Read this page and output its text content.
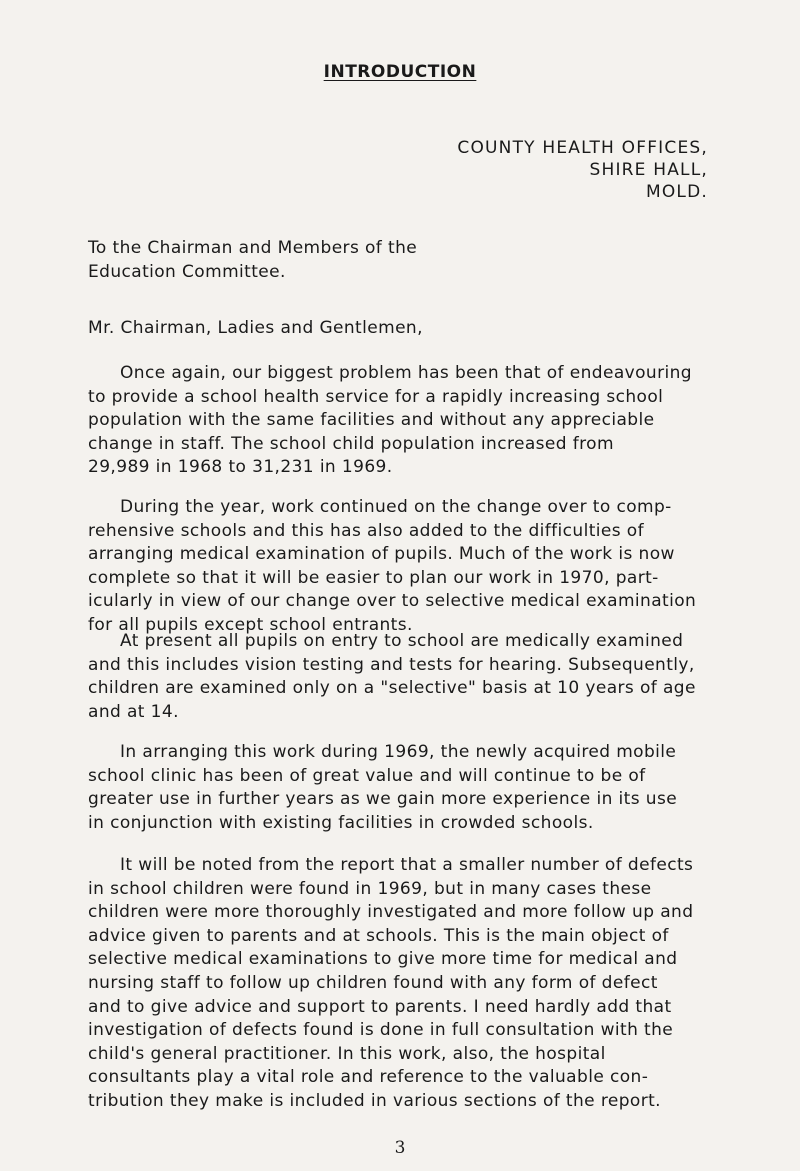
INTRODUCTION
COUNTY HEALTH OFFICES,
SHIRE HALL,
MOLD.
To the Chairman and Members of the
Education Committee.
Mr. Chairman, Ladies and Gentlemen,
Once again, our biggest problem has been that of endeavouring
to provide a school health service for a rapidly increasing school
population with the same facilities and without any appreciable
change in staff. The school child population increased from
29,989 in 1968 to 31,231 in 1969.
During the year, work continued on the change over to comp-
rehensive schools and this has also added to the difficulties of
arranging medical examination of pupils. Much of the work is now
complete so that it will be easier to plan our work in 1970, part-
icularly in view of our change over to selective medical examination
for all pupils except school entrants.
At present all pupils on entry to school are medically examined
and this includes vision testing and tests for hearing. Subsequently,
children are examined only on a "selective" basis at 10 years of age
and at 14.
In arranging this work during 1969, the newly acquired mobile
school clinic has been of great value and will continue to be of
greater use in further years as we gain more experience in its use
in conjunction with existing facilities in crowded schools.
It will be noted from the report that a smaller number of defects
in school children were found in 1969, but in many cases these
children were more thoroughly investigated and more follow up and
advice given to parents and at schools. This is the main object of
selective medical examinations to give more time for medical and
nursing staff to follow up children found with any form of defect
and to give advice and support to parents. I need hardly add that
investigation of defects found is done in full consultation with the
child's general practitioner. In this work, also, the hospital
consultants play a vital role and reference to the valuable con-
tribution they make is included in various sections of the report.
3
